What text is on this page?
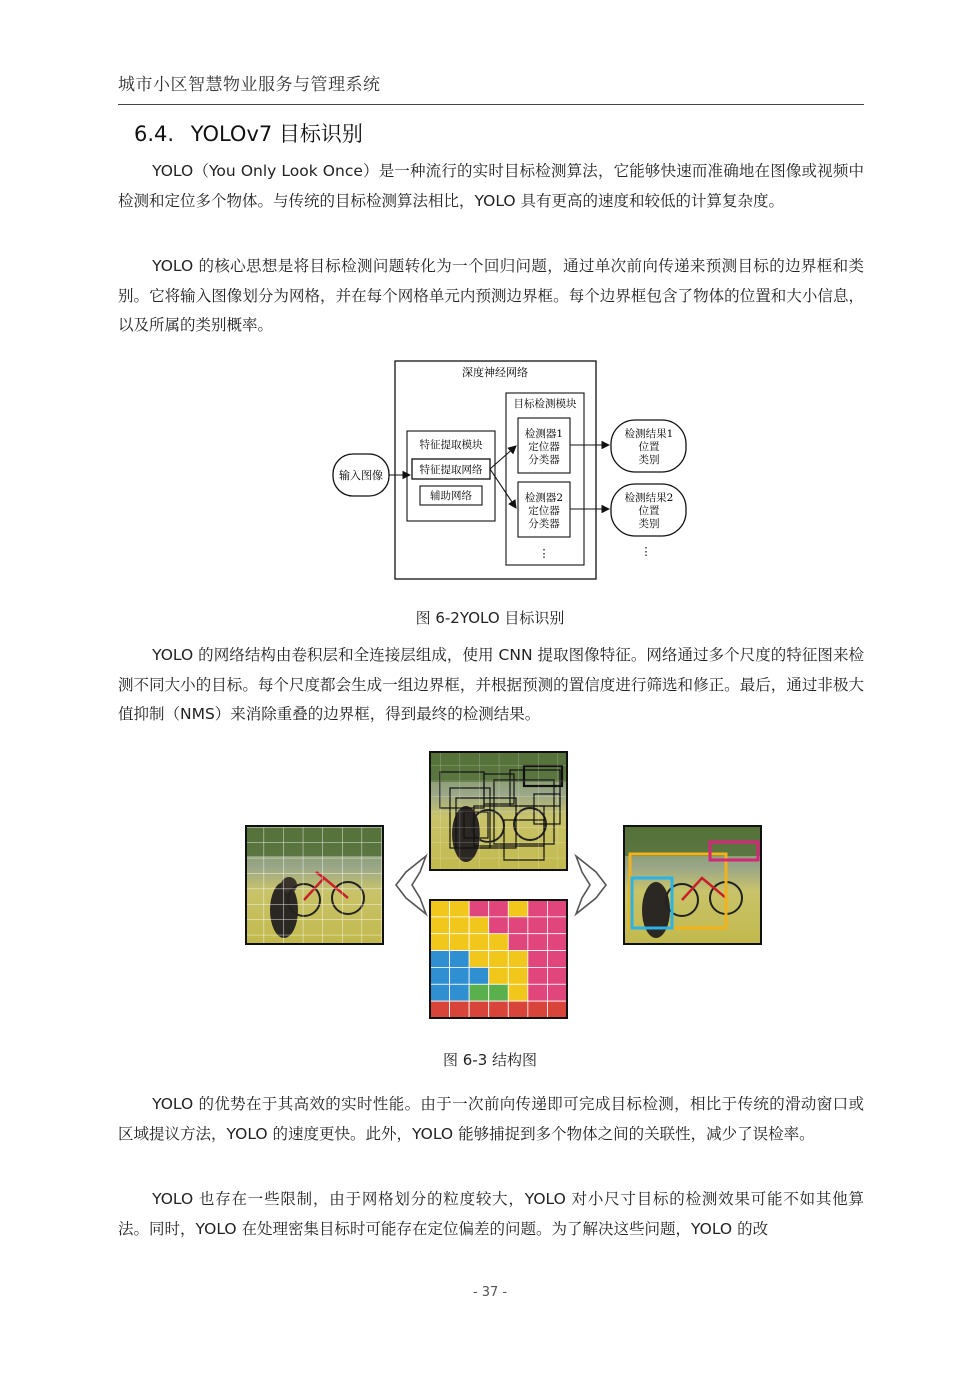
城市小区智慧物业服务与管理系统
6.4. YOLOv7 目标识别

YOLO（You Only Look Once）是一种流行的实时目标检测算法，它能够快速而准确地在图像或视频中检测和定位多个物体。与传统的目标检测算法相比，YOLO 具有更高的速度和较低的计算复杂度。

YOLO 的核心思想是将目标检测问题转化为一个回归问题，通过单次前向传递来预测目标的边界框和类别。它将输入图像划分为网格，并在每个网格单元内预测边界框。每个边界框包含了物体的位置和大小信息，以及所属的类别概率。

深度神经网络
输入图像
特征提取模块
特征提取网络
辅助网络
目标检测模块
检测器1
定位器
分类器
检测器2
定位器
分类器
⋮
检测结果1
位置
类别
检测结果2
位置
类别
⋮
图 6-2YOLO 目标识别

YOLO 的网络结构由卷积层和全连接层组成，使用 CNN 提取图像特征。网络通过多个尺度的特征图来检测不同大小的目标。每个尺度都会生成一组边界框，并根据预测的置信度进行筛选和修正。最后，通过非极大值抑制（NMS）来消除重叠的边界框，得到最终的检测结果。

图 6-3 结构图

YOLO 的优势在于其高效的实时性能。由于一次前向传递即可完成目标检测，相比于传统的滑动窗口或区域提议方法，YOLO 的速度更快。此外，YOLO 能够捕捉到多个物体之间的关联性，减少了误检率。

YOLO 也存在一些限制，由于网格划分的粒度较大，YOLO 对小尺寸目标的检测效果可能不如其他算法。同时，YOLO 在处理密集目标时可能存在定位偏差的问题。为了解决这些问题，YOLO 的改

- 37 -
